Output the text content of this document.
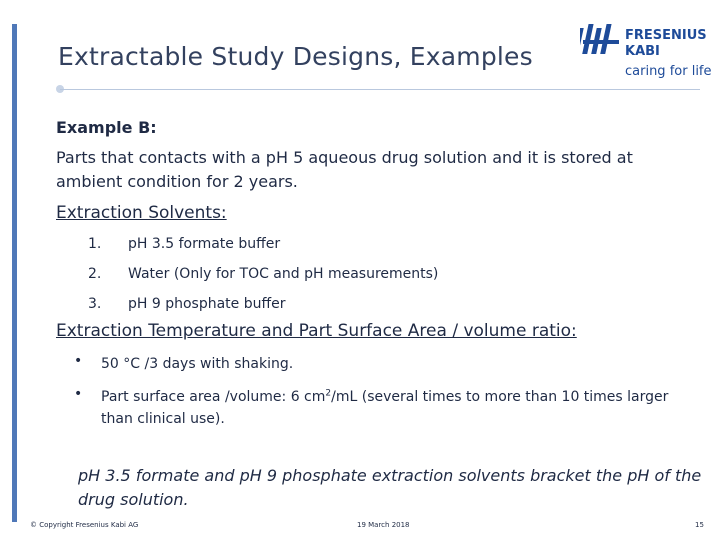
Extractable Study Designs, Examples
FRESENIUS
KABI
caring for life
Example B:
Parts that contacts with a pH 5 aqueous drug solution and it is stored at ambient condition for 2 years.
Extraction Solvents:
1.	pH 3.5 formate buffer
2.	Water (Only for TOC and pH measurements)
3.	pH 9 phosphate buffer
Extraction Temperature and Part Surface Area / volume ratio:
• 50 °C /3 days with shaking.
• Part surface area /volume: 6 $cm^2/mL$ (several times to more than 10 times larger than clinical use).
pH 3.5 formate and pH 9 phosphate extraction solvents bracket the pH of the drug solution.
© Copyright Fresenius Kabi AG	19 March 2018	15
